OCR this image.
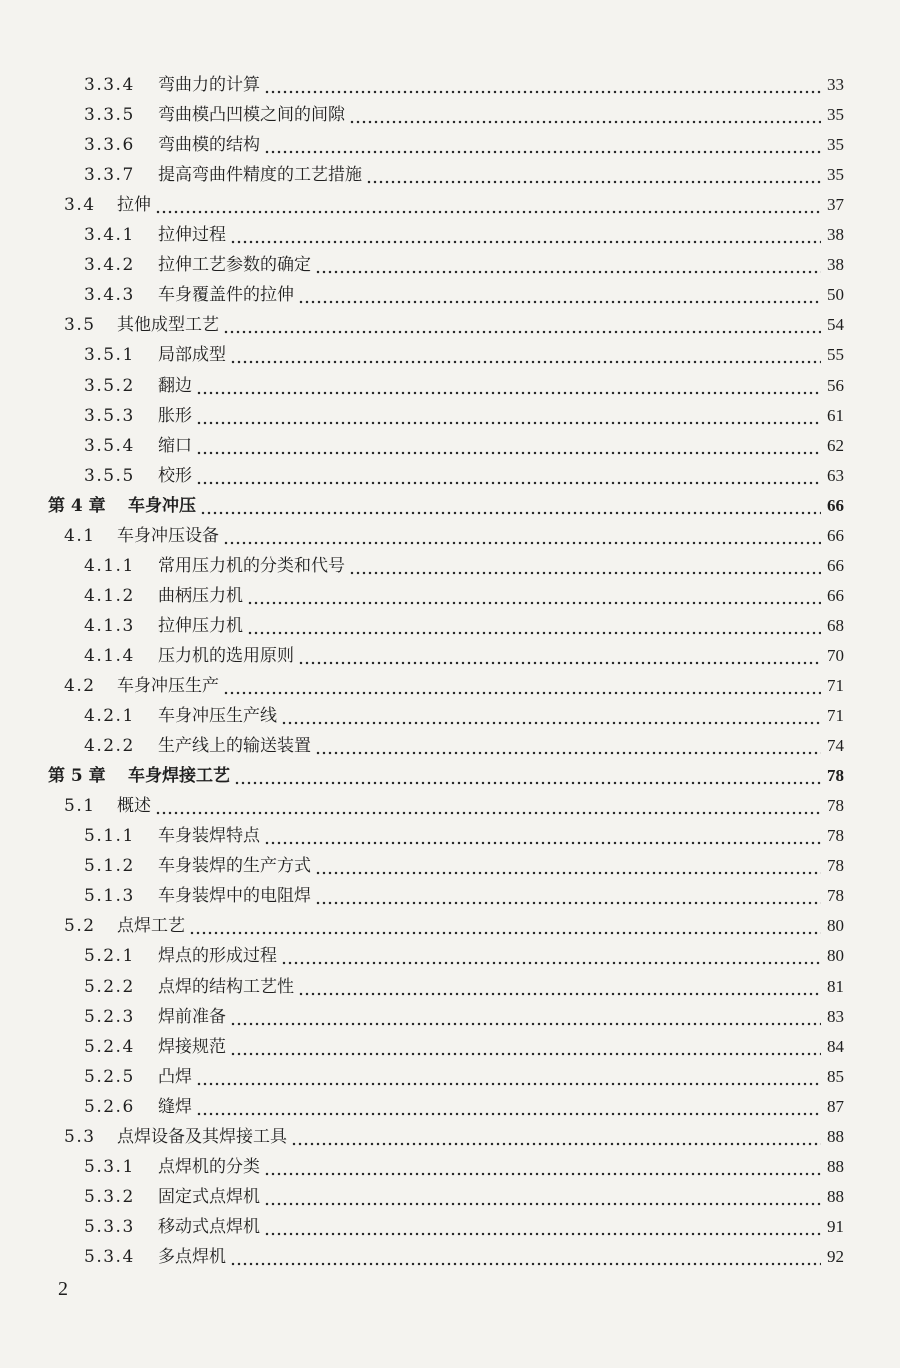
3.3.4 弯曲力的计算	33
3.3.5 弯曲模凸凹模之间的间隙	35
3.3.6 弯曲模的结构	35
3.3.7 提高弯曲件精度的工艺措施	35
3.4 拉伸	37
3.4.1 拉伸过程	38
3.4.2 拉伸工艺参数的确定	38
3.4.3 车身覆盖件的拉伸	50
3.5 其他成型工艺	54
3.5.1 局部成型	55
3.5.2 翻边	56
3.5.3 胀形	61
3.5.4 缩口	62
3.5.5 校形	63
第 4 章 车身冲压	66
4.1 车身冲压设备	66
4.1.1 常用压力机的分类和代号	66
4.1.2 曲柄压力机	66
4.1.3 拉伸压力机	68
4.1.4 压力机的选用原则	70
4.2 车身冲压生产	71
4.2.1 车身冲压生产线	71
4.2.2 生产线上的输送装置	74
第 5 章 车身焊接工艺	78
5.1 概述	78
5.1.1 车身装焊特点	78
5.1.2 车身装焊的生产方式	78
5.1.3 车身装焊中的电阻焊	78
5.2 点焊工艺	80
5.2.1 焊点的形成过程	80
5.2.2 点焊的结构工艺性	81
5.2.3 焊前准备	83
5.2.4 焊接规范	84
5.2.5 凸焊	85
5.2.6 缝焊	87
5.3 点焊设备及其焊接工具	88
5.3.1 点焊机的分类	88
5.3.2 固定式点焊机	88
5.3.3 移动式点焊机	91
5.3.4 多点焊机	92
2
